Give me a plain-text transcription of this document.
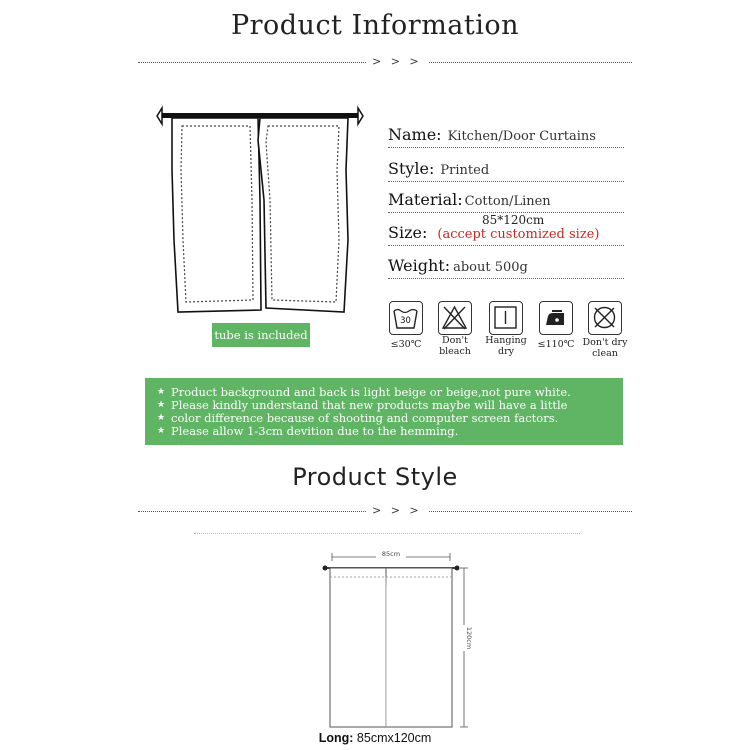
Product Information
> > >
tube is included
Name: Kitchen/Door Curtains
Style: Printed
Material: Cotton/Linen
85*120cm
Size: (accept customized size)
Weight: about 500g
30
≤30℃	Don't bleach
Hanging dry
≤110℃ Don't dry clean
★ Product background and back is light beige or beige,not pure white.
★ Please kindly understand that new products maybe will have a little
★ color difference because of shooting and computer screen factors.
★ Please allow 1-3cm devition due to the hemming.
Product Style
> > >
85cm
120cm
Long: 85cmx120cm
